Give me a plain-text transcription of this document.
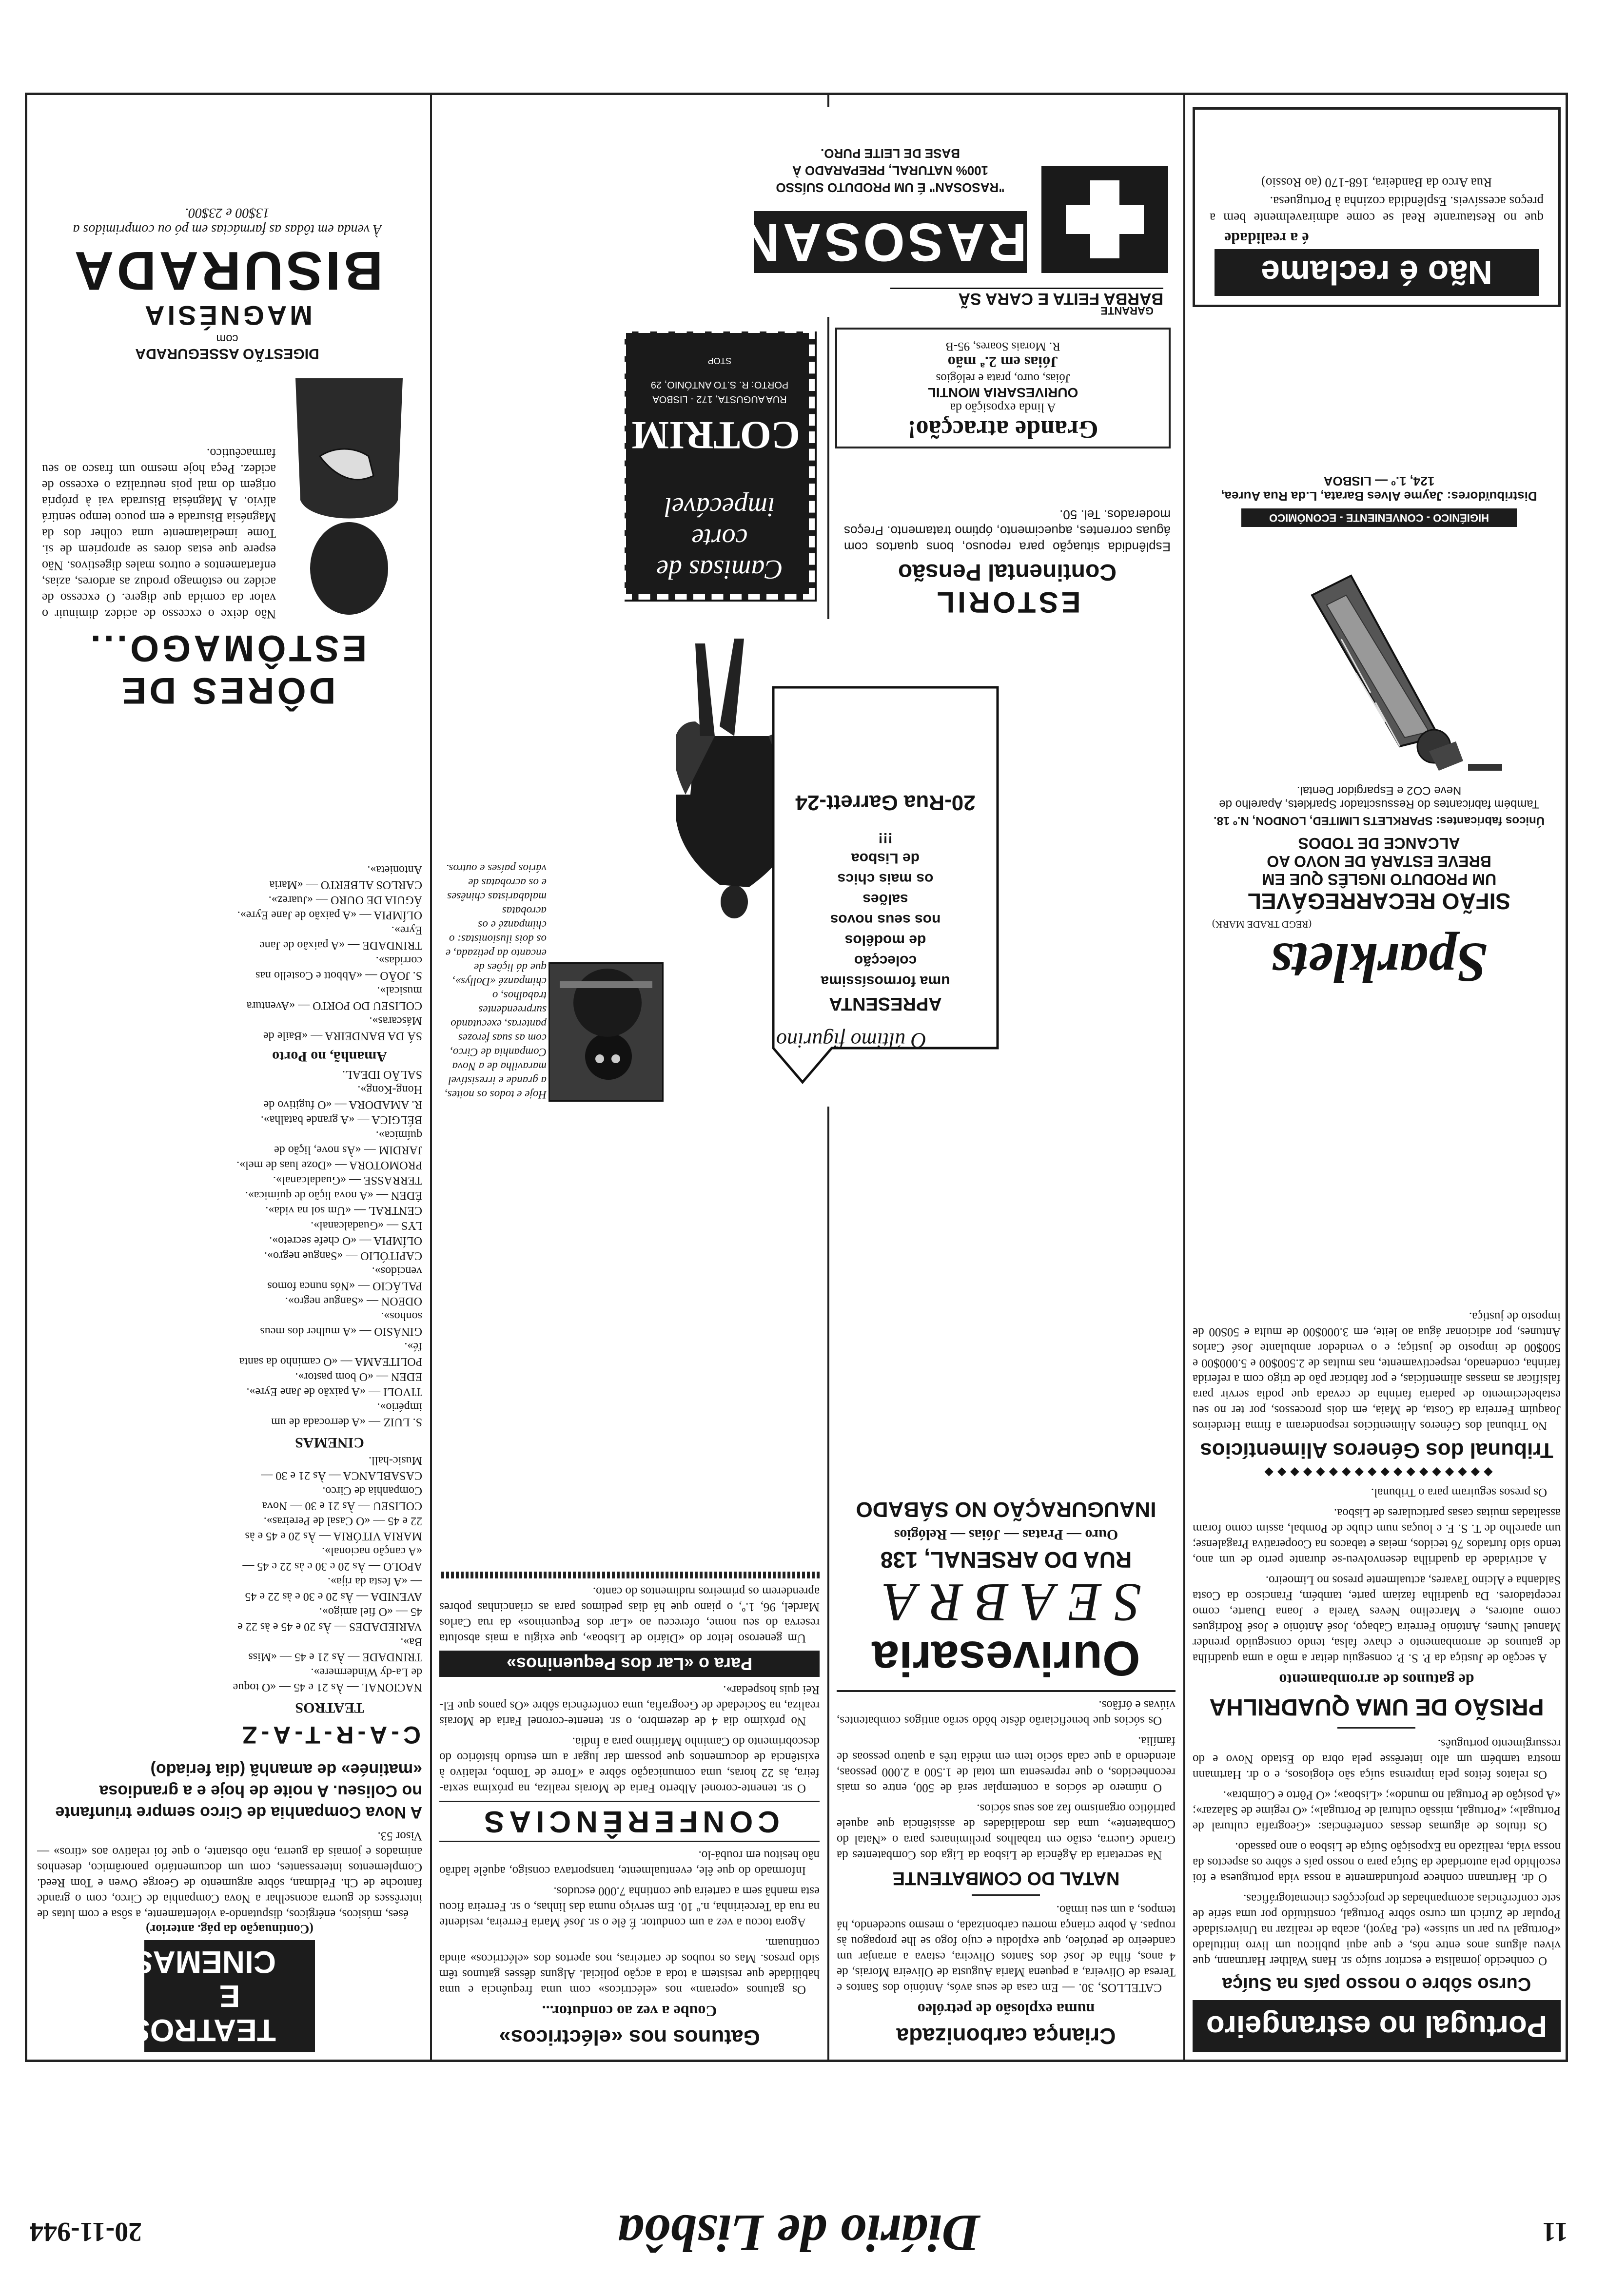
11
Diário de Lisbôa
20-11-944
Portugal no estrangeiro
Curso sôbre o nosso país na Suíça

O conhecido jornalista e escritor suíço sr. Hans Walther Hartmann, que viveu alguns anos entre nós, e que aqui publicou um livro intitulado «Portugal vu par un suisse» (ed. Payot), acaba de realizar na Universidade Popular de Zurich um curso sôbre Portugal, constituído por uma série de sete conferências acompanhadas de projecções cinematográficas.

O dr. Hartmann conhece profundamente a nossa vida portuguesa e foi escolhido pela autoridade da Suíça para o nosso país e sôbre os aspectos da nossa vida, realizado na Exposição Suíça de Lisboa o ano passado.

Os títulos de algumas dessas conferências: «Geografia cultural de Portugal»; «Portugal, missão cultural de Portugal»; «O regime de Salazar»; «A posição de Portugal no mundo»; «Lisboa»; «O Pôrto e Coimbra».

Os relatos feitos pela imprensa suíça são elogiosos, e o dr. Hartmann mostra também um alto interêsse pela obra do Estado Novo e do ressurgimento português.

PRISÃO DE UMA QUADRILHA
de gatunos de arrombamento

A secção de Justiça da P. S. P. conseguiu deitar a mão a uma quadrilha de gatunos de arrombamento e chave falsa, tendo conseguido prender Manuel Nunes, António Ferreira Cabaço, José António e José Rodrigues como autores, e Marcelino Neves Varela e Joana Duarte, como receptadores. Da quadrilha faziam parte, também, Francisco da Costa Saldanha e Alcino Tavares, actualmente presos no Limoeiro.

A actividade da quadrilha desenvolveu-se durante perto de um ano, tendo sido furtados 76 tecidos, meias e tabacos na Cooperativa Pragalense; um aparelho de T. S. F. e louças num clube de Pombal, assim como foram assaltadas muitas casas particulares de Lisboa.

Os presos seguiram para o Tribunal.

◆◆◆◆◆◆◆◆◆◆◆◆◆◆◆◆◆◆
Tribunal dos Géneros Alimentícios

No Tribunal dos Géneros Alimentícios responderam a firma Herdeiros Joaquim Ferreira da Costa, de Maia, em dois processos, por ter no seu estabelecimento de padaria farinha de cevada que podia servir para falsificar as massas alimentícias, e por fabricar pão de trigo com a referida farinha, condenado, respectivamente, nas multas de 2.500$00 e 5.000$00 e 500$00 de imposto de justiça; e o vendedor ambulante José Carlos Antunes, por adicionar água ao leite, em 3.000$00 de multa e 50$00 de imposto de justiça.

Sparklets
(REGD TRADE MARK)
SIFÃO RECARREGÁVEL
UM PRODUTO INGLÊS QUE EM
BREVE ESTARÁ DE NOVO AO
ALCANCE DE TODOS
Únicos fabricantes: SPARKLETS LIMITED, LONDON, N.º 18.
Também fabricantes do Ressuscitador Sparklets, Aparelho de Neve CO2 e Espargidor Dental.
HIGIÉNICO - CONVENIENTE - ECONÓMICO
Distribuïdores: Jayme Alves Barata, L.da Rua Aurea, 124, 1.º — LISBOA
Não é reclame
é a realidade
que no Restaurante Real se come admiravelmente bem a preços acessíveis. Esplêndida cozinha à Portuguesa.
Rua Arco da Bandeira, 168-170 (ao Rossio)
Criança carbonizada
numa explosão de petróleo

CATELLOS, 30. — Em casa de seus avós, António dos Santos e Teresa de Oliveira, a pequena Maria Augusta de Oliveira Morais, de 4 anos, filha de José dos Santos Oliveira, estava a arranjar um candeeiro de petróleo, que explodiu e cujo fogo se lhe propagou às roupas. A pobre criança morreu carbonizada, o mesmo sucedendo, há tempos, a um seu irmão.

NATAL DO COMBATENTE

Na secretaria da Agência de Lisboa da Liga dos Combatentes da Grande Guerra, estão em trabalhos preliminares para o «Natal do Combatente», uma das modalidades de assistência que aquele patriótico organismo faz aos seus sócios.

O número de sócios a contemplar será de 500, entre os mais reconhecidos, o que representa um total de 1.500 a 2.000 pessoas, atendendo a que cada sócio tem em média três a quatro pessoas de família.

Os sócios que beneficiarão dêste bôdo serão antigos combatentes, viúvas e órfãos.

Ourivesaria
SEABRA
RUA DO ARSENAL, 138
Ouro — Pratas — Jóias — Relógios
INAUGURAÇÃO NO SÁBADO
O último figurino
APRESENTA
uma formosíssima
colecção
de modêlos
nos seus novos
salões
os mais chics
de Lisboa
!!!
20-Rua Garrett-24
ESTORIL
Continental Pensão
Esplêndida situação para repouso, bons quartos com águas correntes, aquecimento, óptimo tratamento. Preços moderados. Tel. 50.
Grande atracção!
A linda exposição da
OURIVESARIA MONTIL
Jóias, ouro, prata e relógios
Jóias em 2.ª mão
R. Morais Soares, 95-B
Camisas de corte impecável
COTRIM
RUA AUGUSTA, 172 - LISBOA
PORTO: R. S.TO ANTÓNIO, 29
STOP
GARANTE
BARBA FEITA E CARA SÃ
RASOSAN
"RASOSAN" É UM PRODUTO SUÍSSO
100% NATURAL, PREPARADO À
BASE DE LEITE PURO.
Gatunos nos «eléctricos»
Coube a vez ao condutor...

Os gatunos «operam» nos «eléctricos» com uma frequência e uma habilidade que resistem a toda a acção policial. Alguns dêsses gatunos têm sido presos. Mas os roubos de carteiras, nos apertos dos «eléctricos» ainda continuam.

Agora tocou a vez a um condutor. É êle o sr. José Maria Ferreira, residente na rua da Terceirinha, n.º 10. Em serviço numa das linhas, o sr. Ferreira ficou esta manhã sem a carteira que continha 7.000 escudos.

Informado do que êle, eventualmente, transportava consigo, aquêle ladrão não hesitou em roubá-lo.

CONFERÊNCIAS

O sr. tenente-coronel Alberto Faria de Morais realiza, na próxima sexta-feira, às 22 horas, uma comunicação sôbre a «Torre de Tombo, relativo à existência de documentos que possam dar lugar a um estudo histórico do descobrimento do Caminho Marítimo para a Índia.

No próximo dia 4 de dezembro, o sr. tenente-coronel Faria de Morais realiza, na Sociedade de Geografia, uma conferência sôbre «Os panos que El-Rei quis hospedar».

Para o «Lar dos Pequeninos»

Um generoso leitor do «Diário de Lisboa», que exigiu a mais absoluta reserva do seu nome, ofereceu ao «Lar dos Pequeninos» da rua Carlos Mardel, 96, 1.º, o piano que há dias pedimos para as criancinhas pobres aprenderem os primeiros rudimentos do canto.

Hoje e todos os noites, a grande e irresistível maravilha de a Nova Companhia de Circo, com as suas ferozes panteras, executando surpreendentes trabalhos, o chimpanzé «Dollys», que dá lições de encanto da petizada, e os dois ilusionistas: o chimpanzé e os acrobatas malabaristas chinêses e os acrobatas de vários países e outros.
TEATROS E CINEMAS
(Continuação da pág. anterior)

éses, músicos, enérgicos, disputando-a violentamente, a sôsa e com lutas de interêsses de guerra aconselhar a Nova Companhia de Circo, com o grande fantoche de Ch. Feldman, sôbre argumento de George Owen e Tom Reed. Complementos interessantes, com um documentário panorâmico, desenhos animados e jornais da guerra, não obstante, o que foi relativo aos «tiros» — Visor 53.

A Nova Companhia de Circo sempre triunfante no Coliseu. A noite de hoje e a grandiosa «matinée» de amanhã (dia feriado)
C-A-R-T-A-Z
TEATROS

NACIONAL — Às 21 e 45 — «O toque de La-dy Windermere».

TRINDADE — Às 21 e 45 — «Miss Ba».

VARIEDADES — Às 20 e 45 e às 22 e 45 — «O fiel amigo».

AVENIDA — Às 20 e 30 e às 22 e 45 — «A festa da rija».

APOLO — Às 20 e 30 e às 22 e 45 — «A canção nacional».

MARIA VITÓRIA — Às 20 e 45 e às 22 e 45 — «O Casal de Pereiras».

COLISEU — Às 21 e 30 — Nova Companhia de Circo.

CASABLANCA — Às 21 e 30 — Music-hall.

CINEMAS

S. LUIZ — «A derrocada de um império».

TIVOLI — «A paixão de Jane Eyre».

EDEN — «O bom pastor».

POLITEAMA — «O caminho da santa fé».

GINÁSIO — «A mulher dos meus sonhos».

ODEON — «Sangue negro».

PALÁCIO — «Nós nunca fomos vencidos».

CAPITÓLIO — «Sangue negro».

OLÍMPIA — «O chefe secreto».

LYS — «Guadalcanal».

CENTRAL — «Um sol na vida».

ÉDEN — «A nova lição de química».

TERRASSE — «Guadalcanal».

PROMOTORA — «Doze luas de mel».

JARDIM — «Às nove, lição de química».

BÉLGICA — «A grande batalha».

R. AMADORA — «O fugitivo de Hong-Kong».

SALÃO IDEAL.

Amanhã, no Porto

SÁ DA BANDEIRA — «Baile de Máscaras».

COLISEU DO PORTO — «Aventura musical».

S. JOÃO — «Abbott e Costello nas corridas».

TRINDADE — «A paixão de Jane Eyre».

OLÍMPIA — «A paixão de Jane Eyre».

ÁGUIA DE OURO — «Juarez».

CARLOS ALBERTO — «Maria Antonieta».

DÔRES DE
ESTÔMAGO...
Não deixe o excesso de acidez diminuir o valor da comida que digere. O excesso de acidez no estômago produz as ardores, azias, enfartamentos e outros males digestivos. Não espere que estas dores se apropriem de si. Tome imediatamente uma colher dos da Magnésia Bisurada e em pouco tempo sentirá alívio. A Magnésia Bisurada vai à própria origem do mal pois neutraliza o excesso de acidez. Peça hoje mesmo um frasco ao seu farmacêutico.
DIGESTÃO ASSEGURADA
com
MAGNÉSIA
BISURADA
À venda em tôdas as farmácias em pó ou comprimidos a 13$00 e 23$00.
